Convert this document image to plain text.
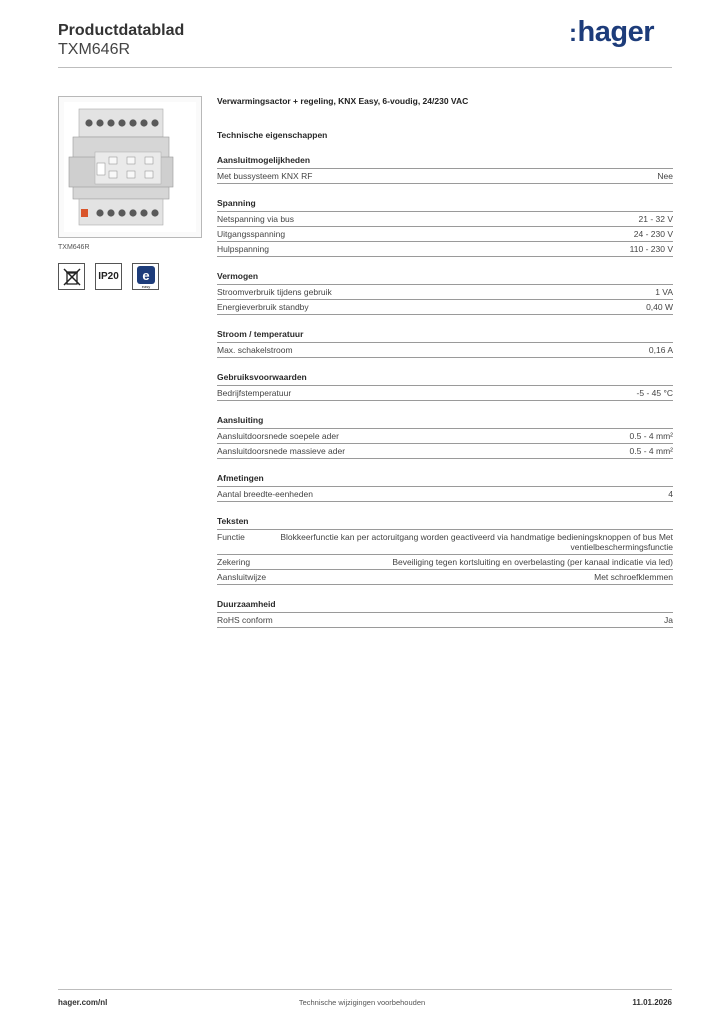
Productdatablad
TXM646R
:hager
TXM646R
IP20 e
easy
Verwarmingsactor + regeling, KNX Easy, 6-voudig, 24/230 VAC
Technische eigenschappen
Aansluitmogelijkheden
Met bussysteem KNX RF	Nee
Spanning
Netspanning via bus	21 - 32 V
Uitgangsspanning	24 - 230 V
Hulpspanning	110 - 230 V
Vermogen
Stroomverbruik tijdens gebruik	1 VA
Energieverbruik standby	0,40 W
Stroom / temperatuur
Max. schakelstroom	0,16 A
Gebruiksvoorwaarden
Bedrijfstemperatuur	-5 - 45 °C
Aansluiting
Aansluitdoorsnede soepele ader	0.5 - 4 mm²
Aansluitdoorsnede massieve ader	0.5 - 4 mm²
Afmetingen
Aantal breedte-eenheden	4
Teksten
Functie	Blokkeerfunctie kan per actoruitgang worden geactiveerd via handmatige bedieningsknoppen of bus Met ventielbeschermingsfunctie
Zekering	Beveiliging tegen kortsluiting en overbelasting (per kanaal indicatie via led)
Aansluitwijze	Met schroefklemmen
Duurzaamheid
RoHS conform	Ja
hager.com/nl	Technische wijzigingen voorbehouden	11.01.2026
